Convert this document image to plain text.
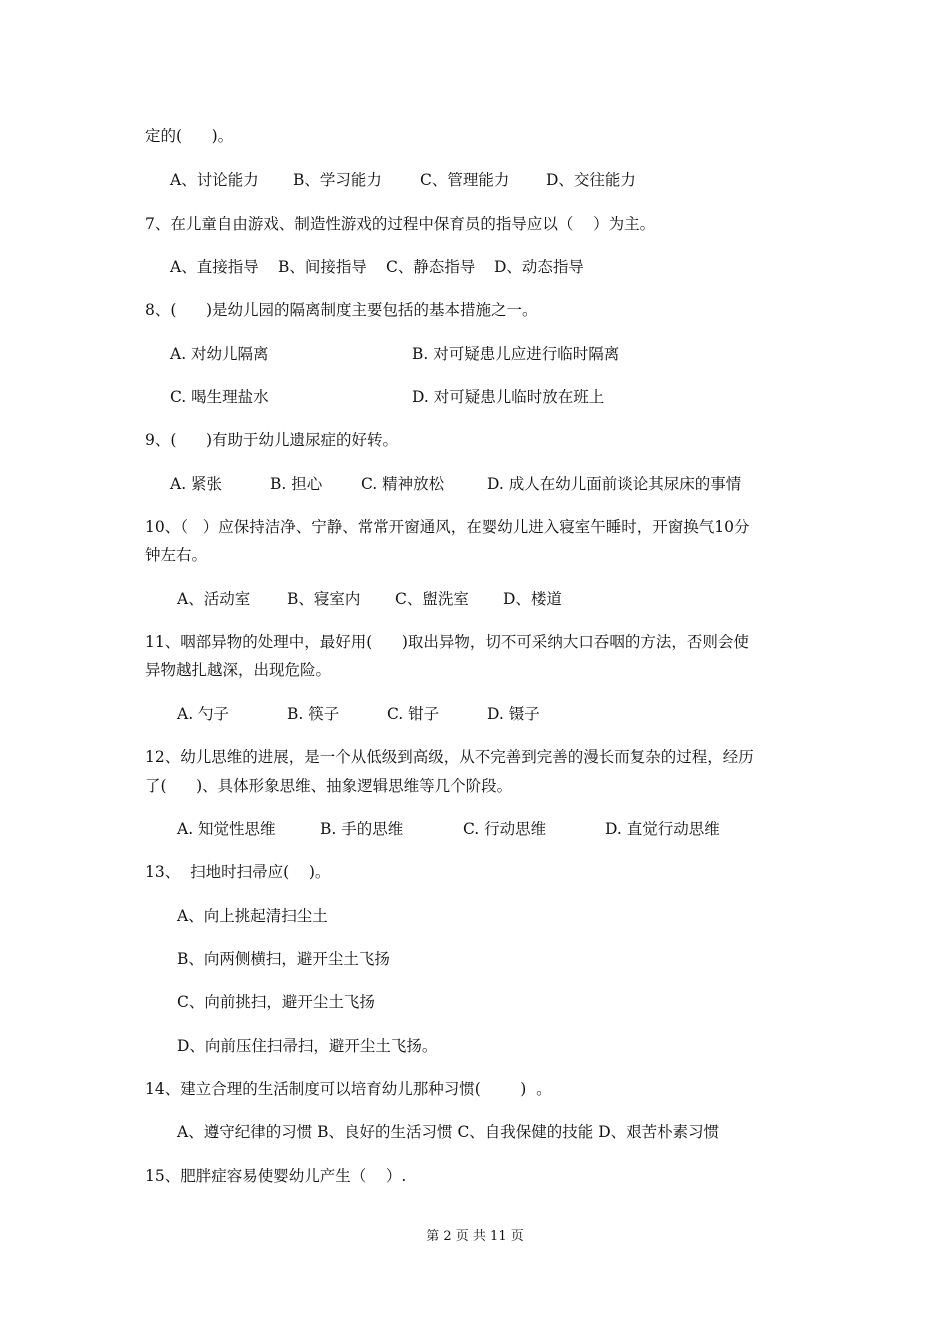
定的(      )。
A、讨论能力 B、学习能力 C、管理能力 D、交往能力
7、在儿童自由游戏、制造性游戏的过程中保育员的指导应以（    ）为主。
A、直接指导 B、间接指导 C、静态指导 D、动态指导
8、(      )是幼儿园的隔离制度主要包括的基本措施之一。
A. 对幼儿隔离	B. 对可疑患儿应进行临时隔离
C. 喝生理盐水	D. 对可疑患儿临时放在班上
9、(      )有助于幼儿遗尿症的好转。
A. 紧张	B. 担心	C. 精神放松	D. 成人在幼儿面前谈论其尿床的事情
10、（   ）应保持洁净、宁静、常常开窗通风，在婴幼儿进入寝室午睡时，开窗换气10分
钟左右。
A、活动室 B、寝室内 C、盥洗室 D、楼道
11、咽部异物的处理中，最好用(      )取出异物，切不可采纳大口吞咽的方法，否则会使
异物越扎越深，出现危险。
A. 勺子	B. 筷子	C. 钳子	D. 镊子
12、幼儿思维的进展，是一个从低级到高级，从不完善到完善的漫长而复杂的过程，经历
了(      )、具体形象思维、抽象逻辑思维等几个阶段。
A. 知觉性思维	B. 手的思维	C. 行动思维	D. 直觉行动思维
13、  扫地时扫帚应(    )。
A、向上挑起清扫尘土
B、向两侧横扫，避开尘土飞扬
C、向前挑扫，避开尘土飞扬
D、向前压住扫帚扫，避开尘土飞扬。
14、建立合理的生活制度可以培育幼儿那种习惯(        )  。
A、遵守纪律的习惯 B、良好的生活习惯 C、自我保健的技能 D、艰苦朴素习惯
15、肥胖症容易使婴幼儿产生（    ）.
第 2 页 共 11 页
